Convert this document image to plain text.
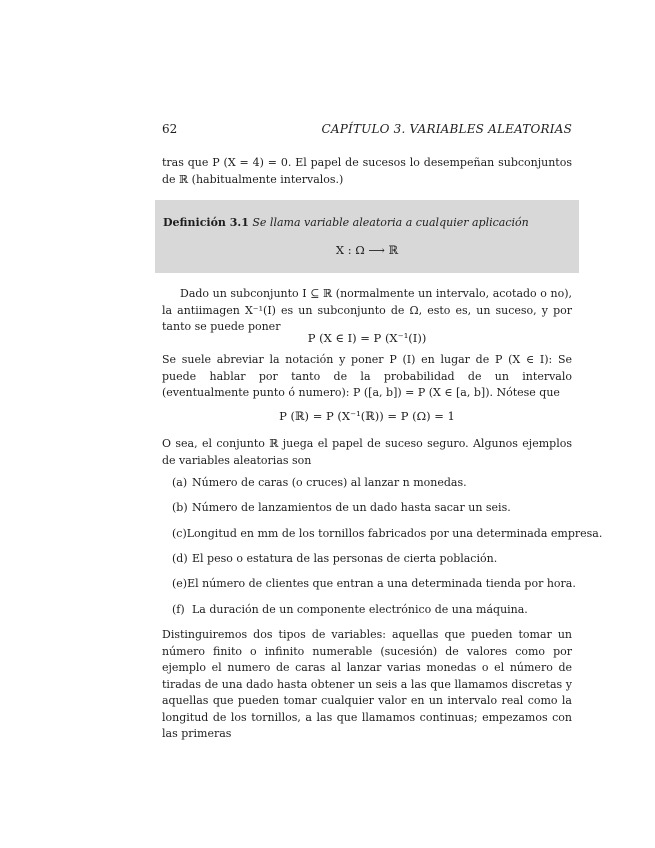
62	CAPÍTULO 3. VARIABLES ALEATORIAS
tras que P (X = 4) = 0. El papel de sucesos lo desempeñan subconjuntos de ℝ (habitualmente intervalos.)
Definición 3.1 Se llama variable aleatoria a cualquier aplicación
X : Ω ⟶ ℝ
Dado un subconjunto I ⊆ ℝ (normalmente un intervalo, acotado o no), la antiimagen X⁻¹(I) es un subconjunto de Ω, esto es, un suceso, y por tanto se puede poner
P (X ∈ I) = P (X⁻¹(I))
Se suele abreviar la notación y poner P (I) en lugar de P (X ∈ I): Se puede hablar por tanto de la probabilidad de un intervalo (eventualmente punto ó numero): P ([a, b]) = P (X ∈ [a, b]). Nótese que
P (ℝ) = P (X⁻¹(ℝ)) = P (Ω) = 1
O sea, el conjunto ℝ juega el papel de suceso seguro. Algunos ejemplos de variables aleatorias son
(a) Número de caras (o cruces) al lanzar n monedas.
(b) Número de lanzamientos de un dado hasta sacar un seis.
(c) Longitud en mm de los tornillos fabricados por una determinada empresa.
(d) El peso o estatura de las personas de cierta población.
(e) El número de clientes que entran a una determinada tienda por hora.
(f) La duración de un componente electrónico de una máquina.
Distinguiremos dos tipos de variables: aquellas que pueden tomar un número finito o infinito numerable (sucesión) de valores como por ejemplo el numero de caras al lanzar varias monedas o el número de tiradas de una dado hasta obtener un seis a las que llamamos discretas y aquellas que pueden tomar cualquier valor en un intervalo real como la longitud de los tornillos, a las que llamamos continuas; empezamos con las primeras
